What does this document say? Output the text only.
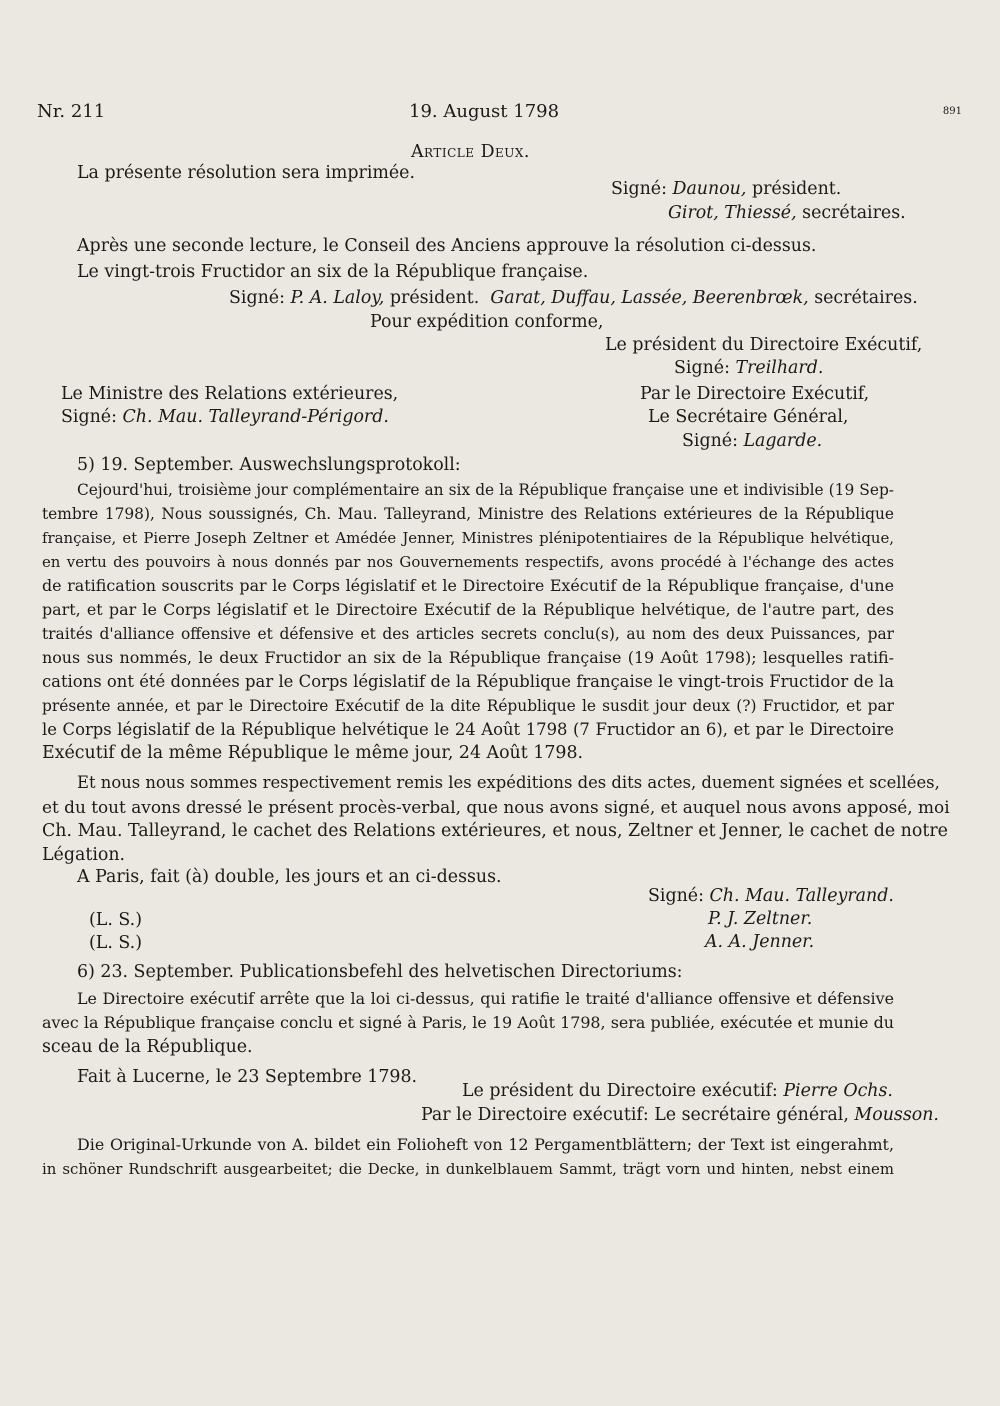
Nr. 211	19. August 1798	891
Article Deux.
La présente résolution sera imprimée.
Signé: Daunou, président.
Girot, Thiessé, secrétaires.
Après une seconde lecture, le Conseil des Anciens approuve la résolution ci-dessus.
Le vingt-trois Fructidor an six de la République française.
Signé: P. A. Laloy, président. Garat, Duffau, Lassée, Beerenbrœk, secrétaires.
Pour expédition conforme,
Le président du Directoire Exécutif,
Signé: Treilhard.
Le Ministre des Relations extérieures,
Signé: Ch. Mau. Talleyrand-Périgord.
Par le Directoire Exécutif,
Le Secrétaire Général,
Signé: Lagarde.
5) 19. September. Auswechslungsprotokoll:
Cejourd'hui, troisième jour complémentaire an six de la République française une et indivisible (19 Sep-
tembre 1798), Nous soussignés, Ch. Mau. Talleyrand, Ministre des Relations extérieures de la République
française, et Pierre Joseph Zeltner et Amédée Jenner, Ministres plénipotentiaires de la République helvétique,
en vertu des pouvoirs à nous donnés par nos Gouvernements respectifs, avons procédé à l'échange des actes
de ratification souscrits par le Corps législatif et le Directoire Exécutif de la République française, d'une
part, et par le Corps législatif et le Directoire Exécutif de la République helvétique, de l'autre part, des
traités d'alliance offensive et défensive et des articles secrets conclu(s), au nom des deux Puissances, par
nous sus nommés, le deux Fructidor an six de la République française (19 Août 1798); lesquelles ratifi-
cations ont été données par le Corps législatif de la République française le vingt-trois Fructidor de la
présente année, et par le Directoire Exécutif de la dite République le susdit jour deux (?) Fructidor, et par
le Corps législatif de la République helvétique le 24 Août 1798 (7 Fructidor an 6), et par le Directoire
Exécutif de la même République le même jour, 24 Août 1798.
Et nous nous sommes respectivement remis les expéditions des dits actes, duement signées et scellées,
et du tout avons dressé le présent procès-verbal, que nous avons signé, et auquel nous avons apposé, moi
Ch. Mau. Talleyrand, le cachet des Relations extérieures, et nous, Zeltner et Jenner, le cachet de notre
Légation.
A Paris, fait (à) double, les jours et an ci-dessus.
Signé: Ch. Mau. Talleyrand.
(L. S.)	P. J. Zeltner.
(L. S.)	A. A. Jenner.
6) 23. September. Publicationsbefehl des helvetischen Directoriums:
Le Directoire exécutif arrête que la loi ci-dessus, qui ratifie le traité d'alliance offensive et défensive
avec la République française conclu et signé à Paris, le 19 Août 1798, sera publiée, exécutée et munie du
sceau de la République.
Fait à Lucerne, le 23 Septembre 1798.
Le président du Directoire exécutif: Pierre Ochs.
Par le Directoire exécutif: Le secrétaire général, Mousson.
Die Original-Urkunde von A. bildet ein Folioheft von 12 Pergamentblättern; der Text ist eingerahmt,
in schöner Rundschrift ausgearbeitet; die Decke, in dunkelblauem Sammt, trägt vorn und hinten, nebst einem
